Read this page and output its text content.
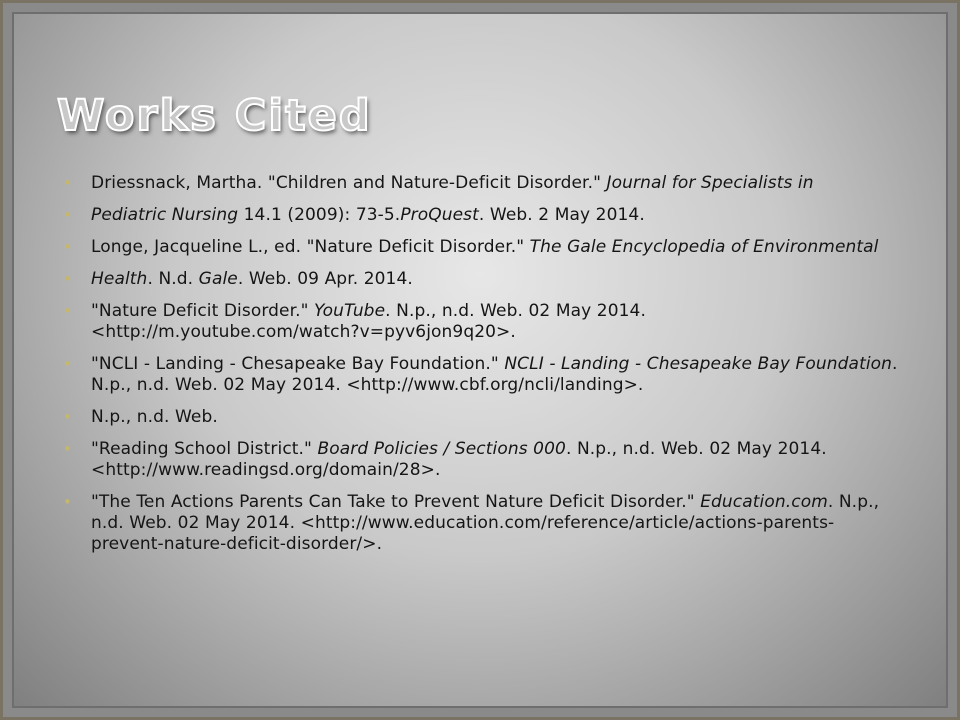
Works Cited
• Driessnack, Martha. "Children and Nature-Deficit Disorder." Journal for Specialists in
• Pediatric Nursing 14.1 (2009): 73-5.ProQuest. Web. 2 May 2014.
• Longe, Jacqueline L., ed. "Nature Deficit Disorder." The Gale Encyclopedia of Environmental
• Health. N.d. Gale. Web. 09 Apr. 2014.
• "Nature Deficit Disorder." YouTube. N.p., n.d. Web. 02 May 2014. <http://m.youtube.com/watch?v=pyv6jon9q20>.
• "NCLI - Landing - Chesapeake Bay Foundation." NCLI - Landing - Chesapeake Bay Foundation. N.p., n.d. Web. 02 May 2014. <http://www.cbf.org/ncli/landing>.
• N.p., n.d. Web.
• "Reading School District." Board Policies / Sections 000. N.p., n.d. Web. 02 May 2014. <http://www.readingsd.org/domain/28>.
• "The Ten Actions Parents Can Take to Prevent Nature Deficit Disorder." Education.com. N.p., n.d. Web. 02 May 2014. <http://www.education.com/reference/article/actions-parents-prevent-nature-deficit-disorder/>.
